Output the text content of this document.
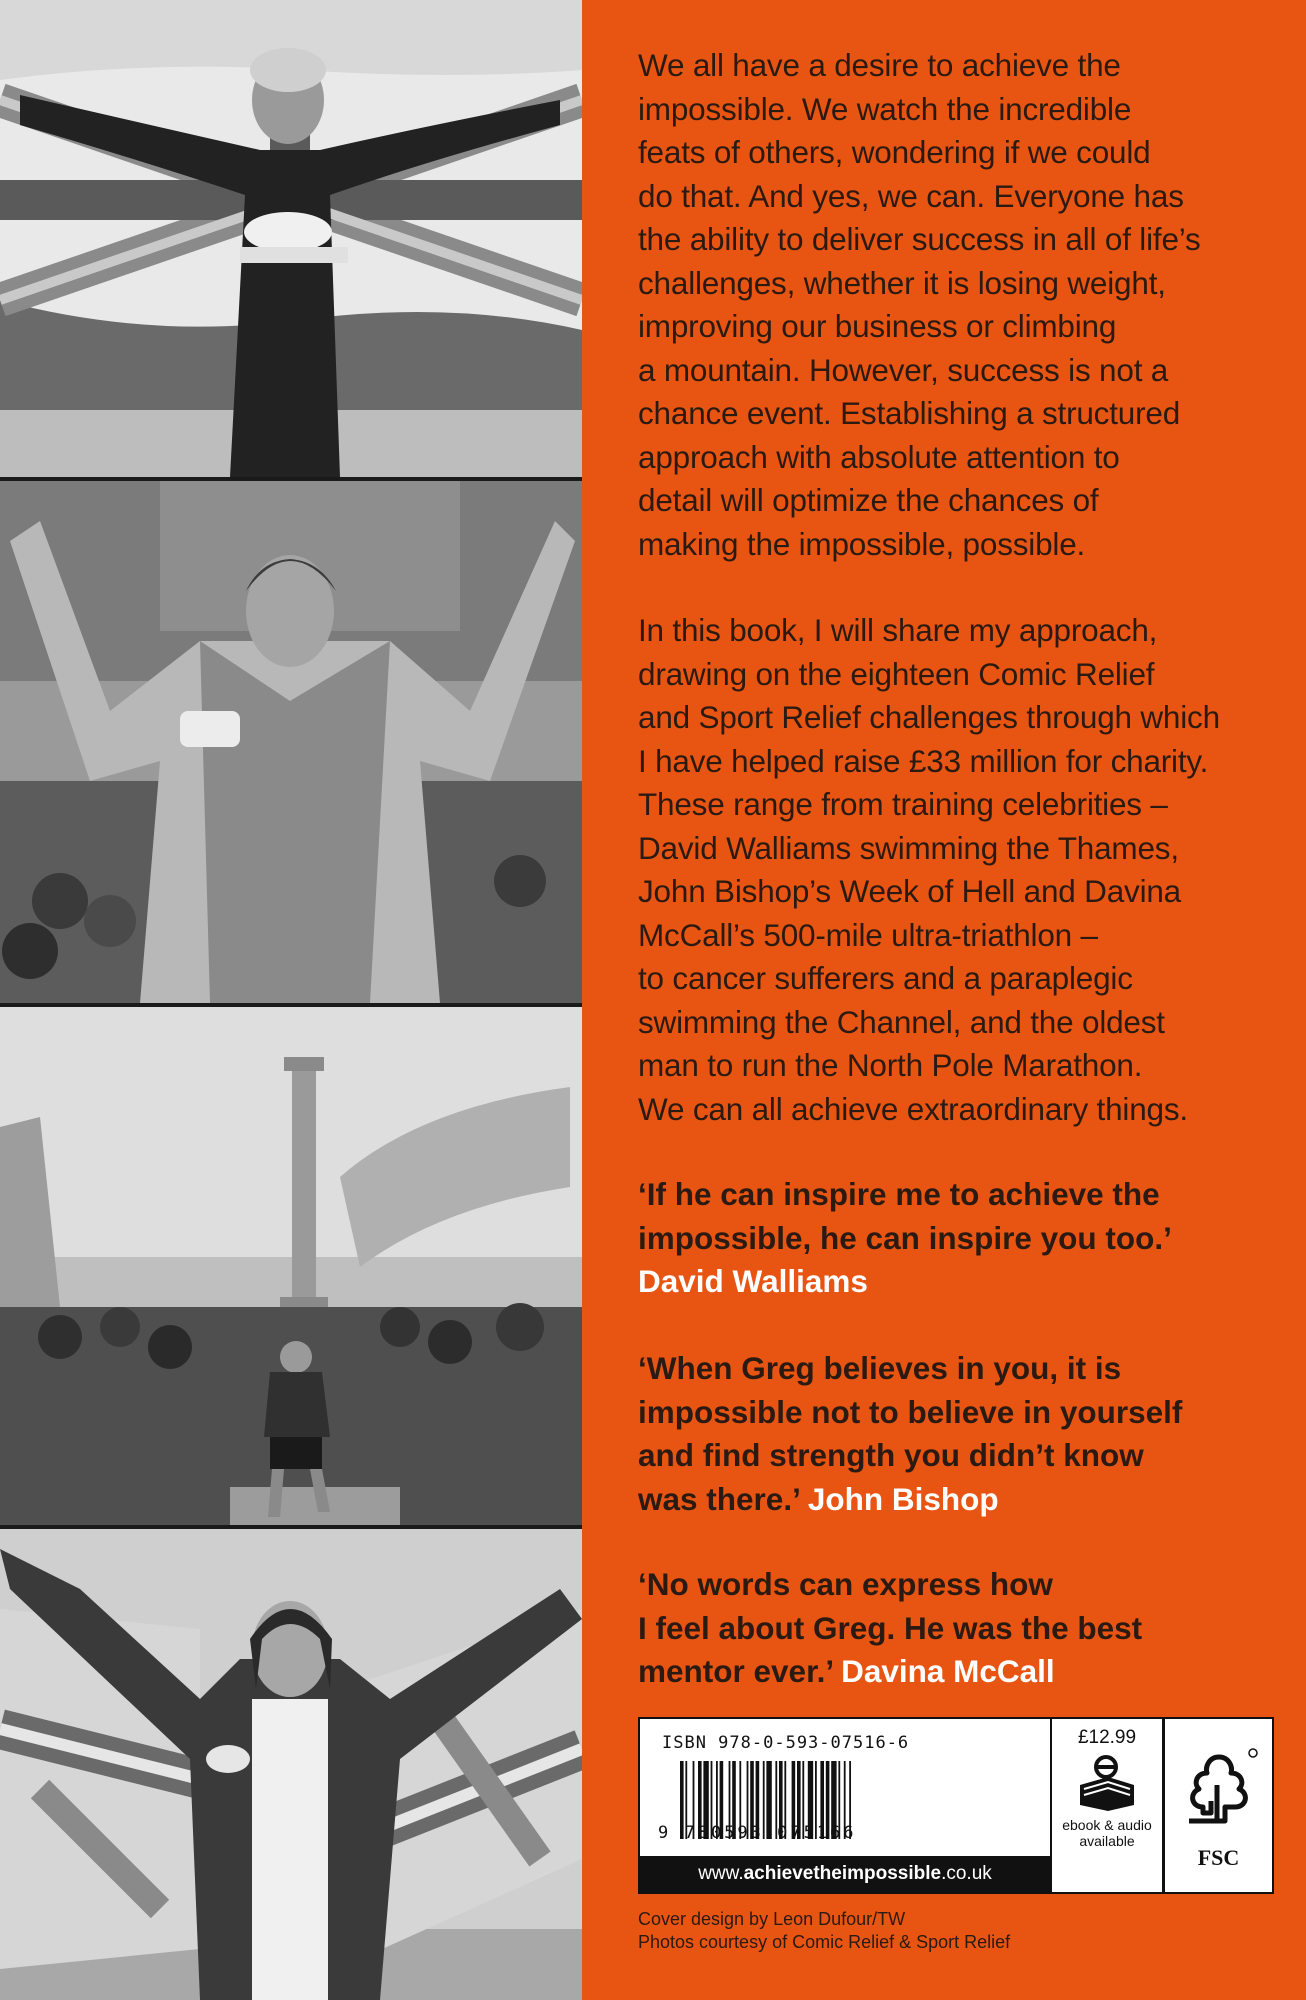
We all have a desire to achieve the
impossible. We watch the incredible
feats of others, wondering if we could
do that. And yes, we can. Everyone has
the ability to deliver success in all of life’s
challenges, whether it is losing weight,
improving our business or climbing
a mountain. However, success is not a
chance event. Establishing a structured
approach with absolute attention to
detail will optimize the chances of
making the impossible, possible.

In this book, I will share my approach,
drawing on the eighteen Comic Relief
and Sport Relief challenges through which
I have helped raise £33 million for charity.
These range from training celebrities –
David Walliams swimming the Thames,
John Bishop’s Week of Hell and Davina
McCall’s 500-mile ultra-triathlon –
to cancer sufferers and a paraplegic
swimming the Channel, and the oldest
man to run the North Pole Marathon.
We can all achieve extraordinary things.

‘If he can inspire me to achieve the
impossible, he can inspire you too.’
David Walliams
‘When Greg believes in you, it is
impossible not to believe in yourself
and find strength you didn’t know
was there.’ John Bishop
‘No words can express how
I feel about Greg. He was the best
mentor ever.’ Davina McCall
ISBN 978-0-593-07516-6
9 780593 075166
www.achievetheimpossible.co.uk
£12.99
ebook & audio
available
FSC
Cover design by Leon Dufour/TW
Photos courtesy of Comic Relief & Sport Relief
